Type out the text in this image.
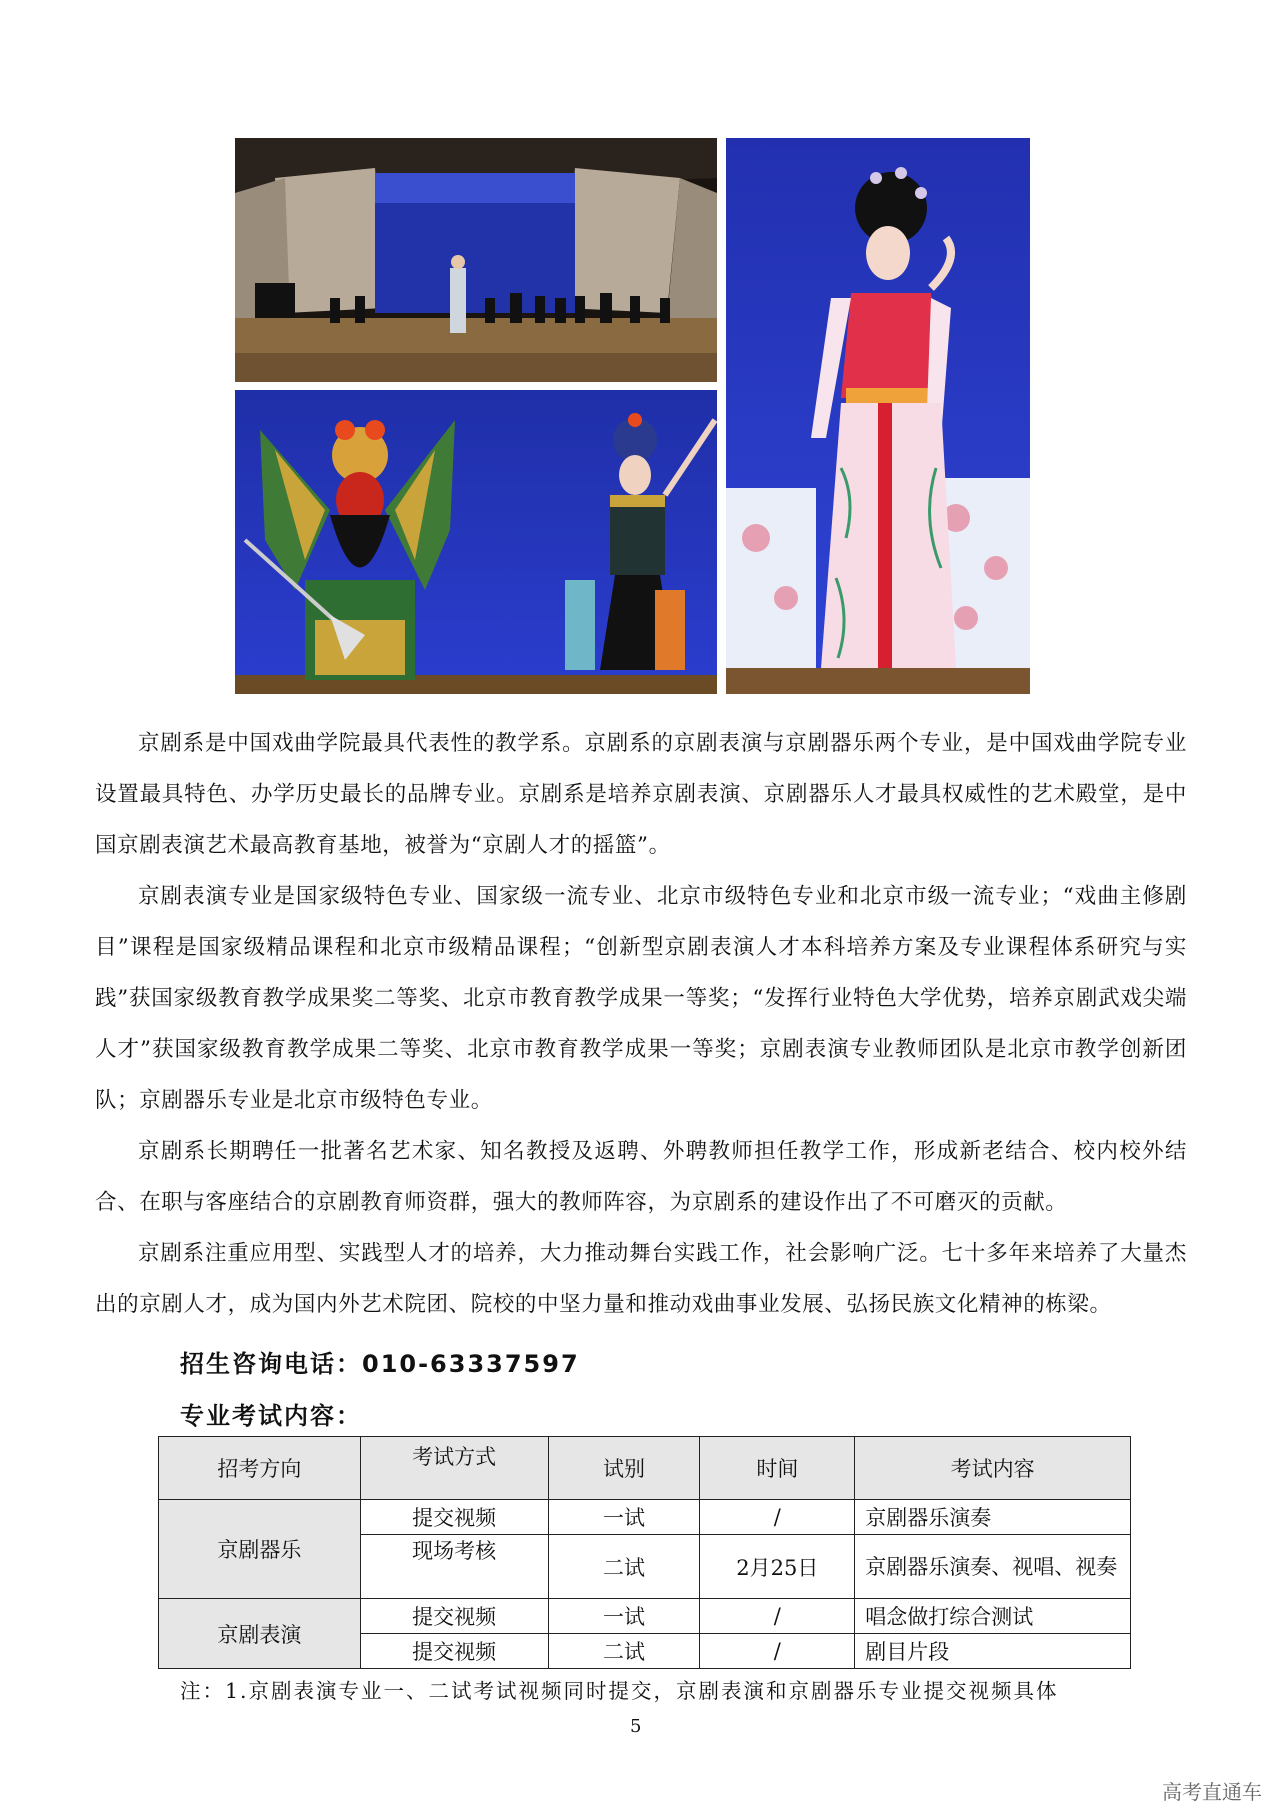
京剧系是中国戏曲学院最具代表性的教学系。京剧系的京剧表演与京剧器乐两个专业，是中国戏曲学院专业设置最具特色、办学历史最长的品牌专业。京剧系是培养京剧表演、京剧器乐人才最具权威性的艺术殿堂，是中国京剧表演艺术最高教育基地，被誉为“京剧人才的摇篮”。

京剧表演专业是国家级特色专业、国家级一流专业、北京市级特色专业和北京市级一流专业；“戏曲主修剧目”课程是国家级精品课程和北京市级精品课程；“创新型京剧表演人才本科培养方案及专业课程体系研究与实践”获国家级教育教学成果奖二等奖、北京市教育教学成果一等奖；“发挥行业特色大学优势，培养京剧武戏尖端人才”获国家级教育教学成果二等奖、北京市教育教学成果一等奖；京剧表演专业教师团队是北京市教学创新团队；京剧器乐专业是北京市级特色专业。

京剧系长期聘任一批著名艺术家、知名教授及返聘、外聘教师担任教学工作，形成新老结合、校内校外结合、在职与客座结合的京剧教育师资群，强大的教师阵容，为京剧系的建设作出了不可磨灭的贡献。

京剧系注重应用型、实践型人才的培养，大力推动舞台实践工作，社会影响广泛。七十多年来培养了大量杰出的京剧人才，成为国内外艺术院团、院校的中坚力量和推动戏曲事业发展、弘扬民族文化精神的栋梁。

招生咨询电话：010-63337597
专业考试内容：
招考方向	考试方式	试别	时间	考试内容
京剧器乐	提交视频	一试	/	京剧器乐演奏
	现场考核	二试	2月25日	京剧器乐演奏、视唱、视奏
京剧表演	提交视频	一试	/	唱念做打综合测试
	提交视频	二试	/	剧目片段
注：1.京剧表演专业一、二试考试视频同时提交，京剧表演和京剧器乐专业提交视频具体
5
高考直通车
